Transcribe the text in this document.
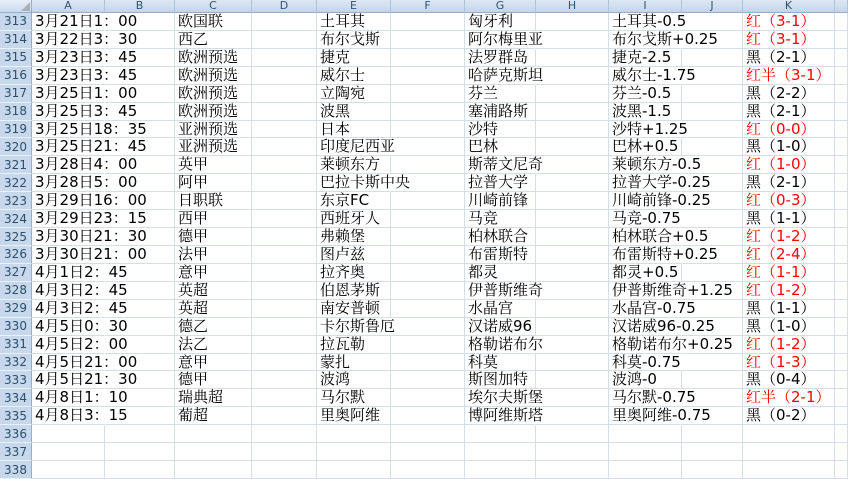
A	B	C	D	E	F	G	H	I	J	K
313 3月21日1：00	欧国联	土耳其	匈牙利	土耳其-0.5	红（3-1）
314 3月22日3：30	西乙	布尔戈斯	阿尔梅里亚	布尔戈斯+0.25 红（3-1）
315 3月23日3：45	欧洲预选	捷克	法罗群岛	捷克-2.5	黑（2-1）
316 3月23日3：45	欧洲预选	威尔士	哈萨克斯坦	威尔士-1.75	红半（3-1）
317 3月25日1：00	欧洲预选	立陶宛	芬兰	芬兰-0.5	黑（2-2）
318 3月25日3：45	欧洲预选	波黑	塞浦路斯	波黑-1.5	黑（2-1）
319 3月25日18：35 亚洲预选	日本	沙特	沙特+1.25	红（0-0）
320 3月25日21：45 亚洲预选	印度尼西亚	巴林	巴林+0.5	黑（1-0）
321 3月28日4：00	英甲	莱顿东方	斯蒂文尼奇	莱顿东方-0.5	红（1-0）
322 3月28日5：00	阿甲	巴拉卡斯中央	拉普大学	拉普大学-0.25 黑（2-1）
323 3月29日16：00 日职联	东京FC	川崎前锋	川崎前锋-0.25 红（0-3）
324 3月29日23：15 西甲	西班牙人	马竞	马竞-0.75	黑（1-1）
325 3月30日21：30 德甲	弗赖堡	柏林联合	柏林联合+0.5	红（1-2）
326 3月30日21：00 法甲	图卢兹	布雷斯特	布雷斯特+0.25 红（2-4）
327 4月1日2：45	意甲	拉齐奥	都灵	都灵+0.5	红（1-1）
328 4月3日2：45	英超	伯恩茅斯	伊普斯维奇	伊普斯维奇+1.25 红（1-2）
329 4月3日2：45	英超	南安普顿	水晶宫	水晶宫-0.75	黑（1-1）
330 4月5日0：30	德乙	卡尔斯鲁厄	汉诺威96	汉诺威96-0.25 黑（1-0）
331 4月5日2：00	法乙	拉瓦勒	格勒诺布尔	格勒诺布尔+0.25 红（1-2）
332 4月5日21：00	意甲	蒙扎	科莫	科莫-0.75	红（1-3）
333 4月5日21：30	德甲	波鸿	斯图加特	波鸿-0	黑（0-4）
334 4月8日1：10	瑞典超	马尔默	埃尔夫斯堡	马尔默-0.75	红半（2-1）
335 4月8日3：15	葡超	里奥阿维	博阿维斯塔	里奥阿维-0.75 黑（0-2）
336
337
338
